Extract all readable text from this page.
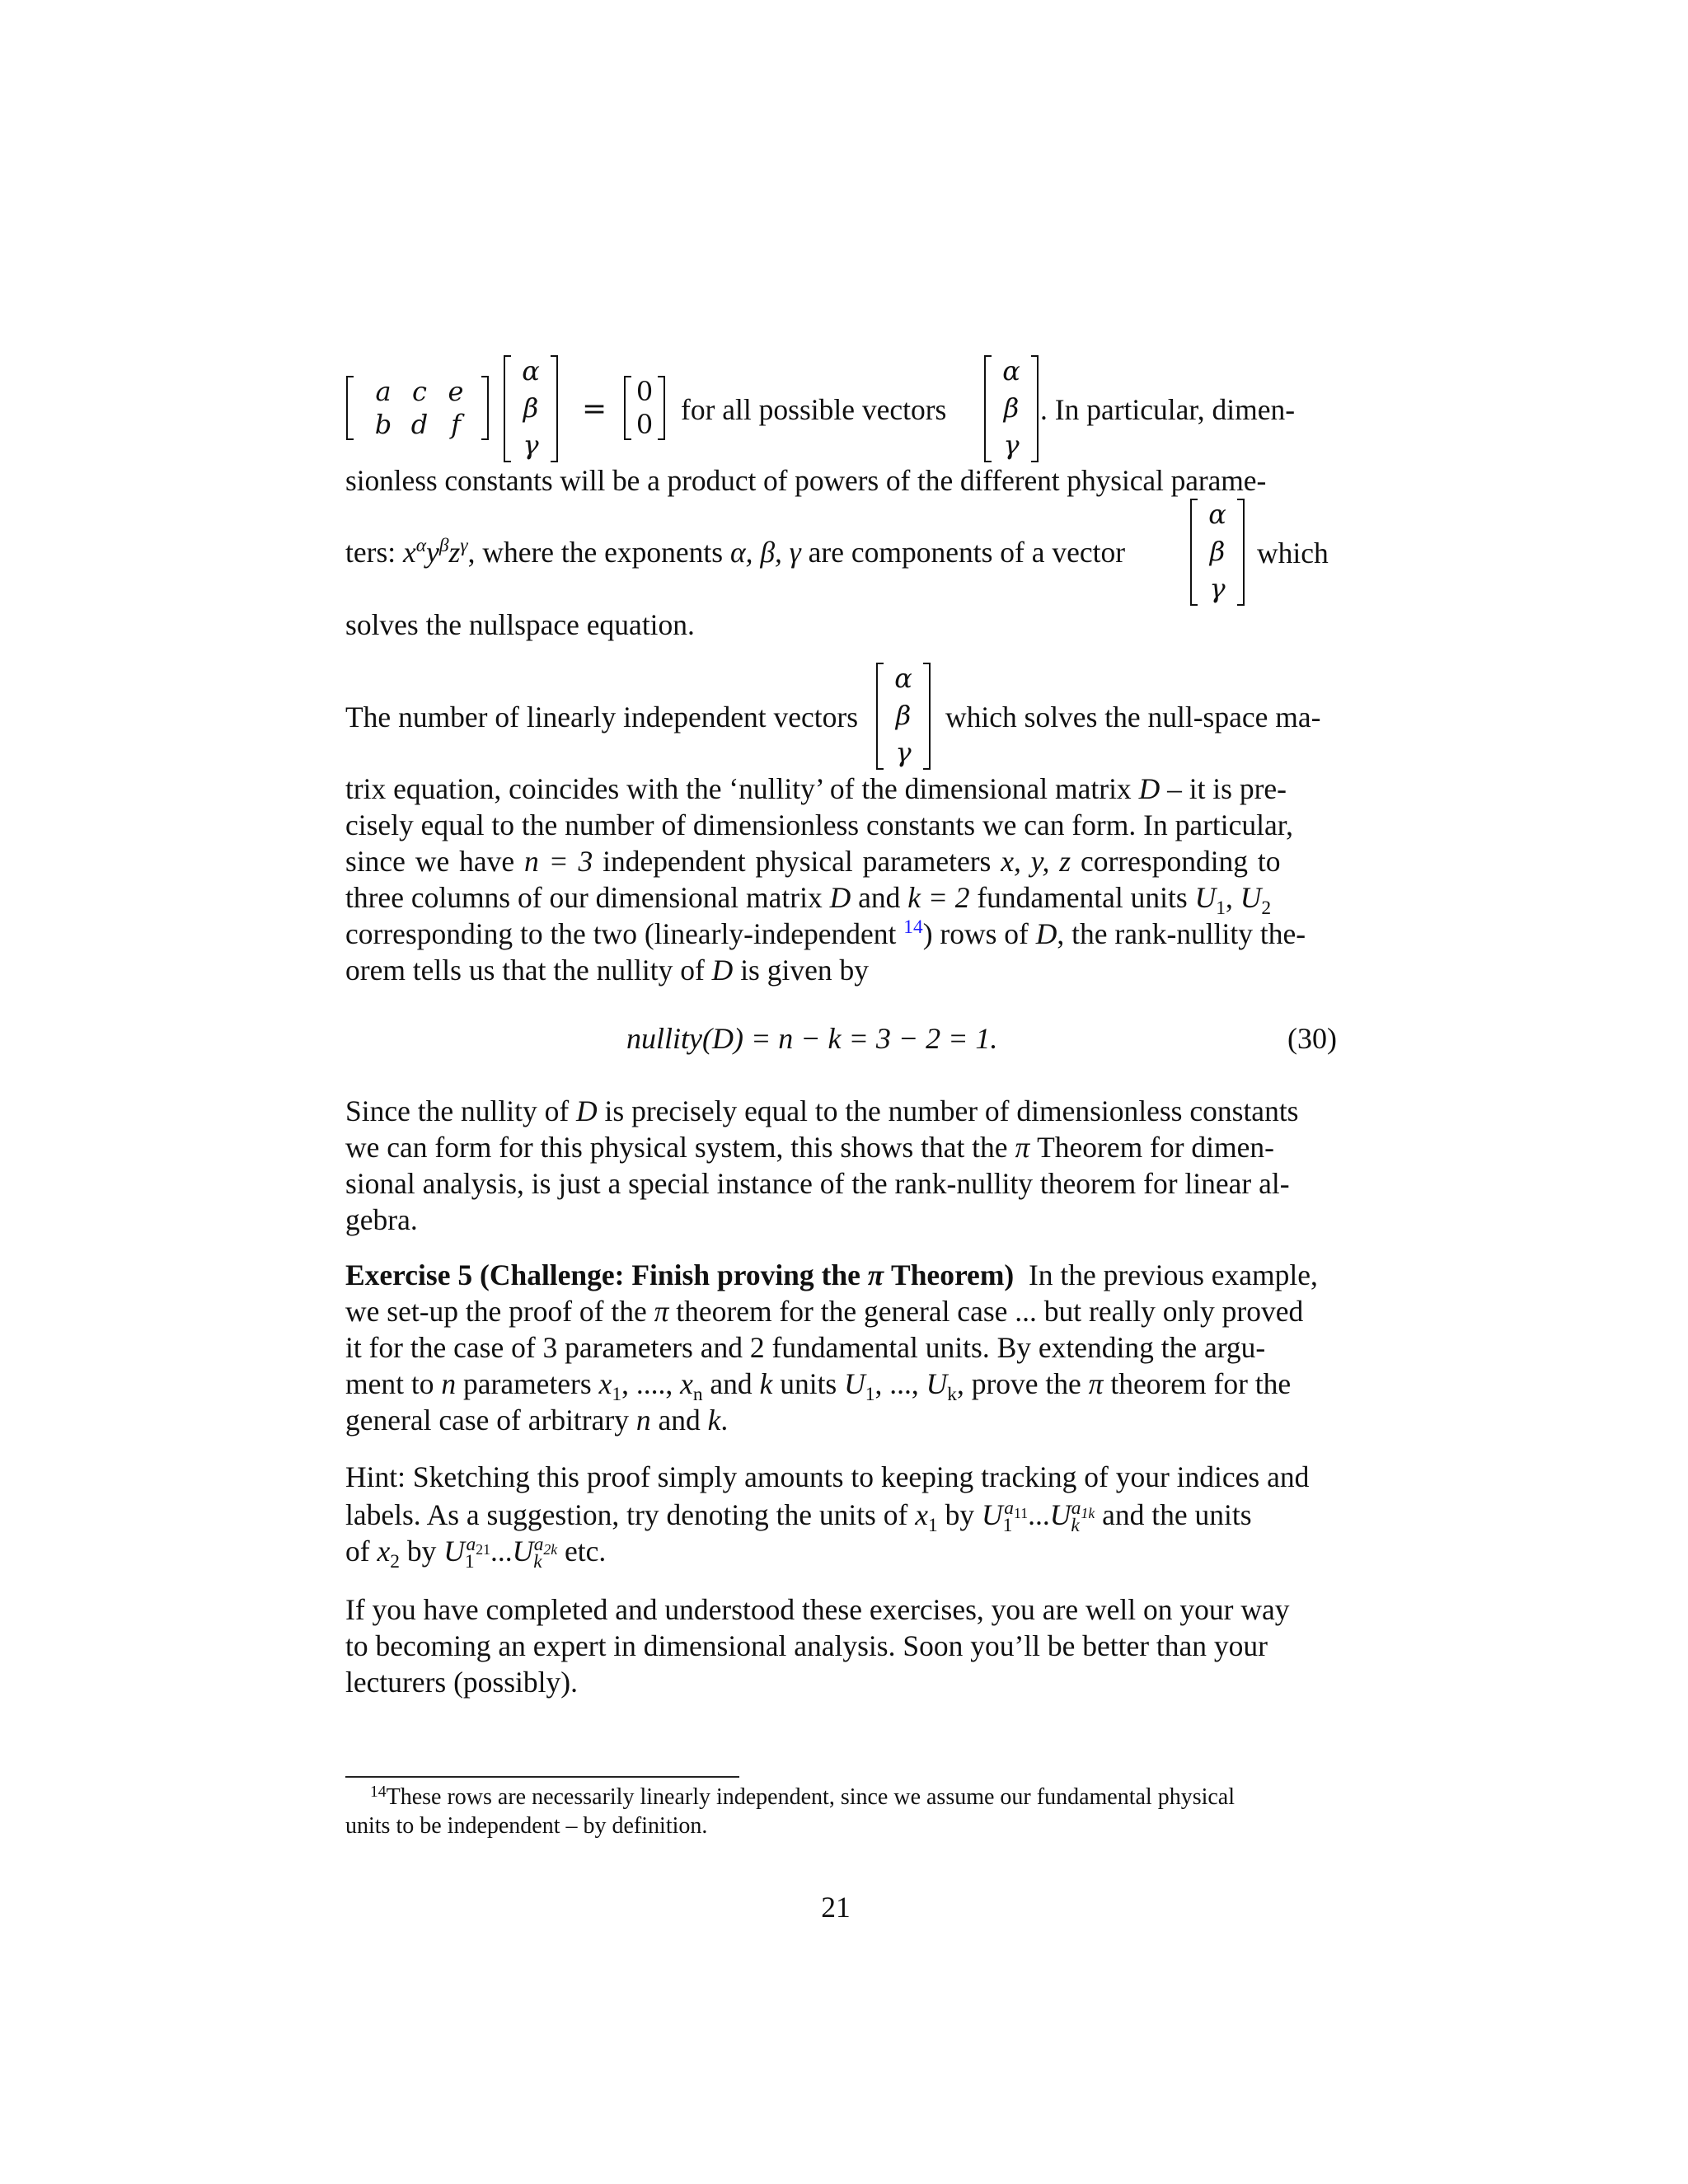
a c e
b d f
α
β
γ
=
0
0 for all possible vectors
α
β
γ
. In particular, dimen-
sionless constants will be a product of powers of the different physical parame-
ters: $x^\alpha y^\beta z^\gamma$, where the exponents α, β, γ are components of a vector
α
β
γ
which
solves the nullspace equation.
The number of linearly independent vectors
α
β
γ
which solves the null-space ma-
trix equation, coincides with the ‘nullity’ of the dimensional matrix D – it is pre-
cisely equal to the number of dimensionless constants we can form. In particular,
since we have n = 3 independent physical parameters x, y, z corresponding to
three columns of our dimensional matrix D and k = 2 fundamental units $U_1$, $U_2$
corresponding to the two (linearly-independent $^{14}$) rows of D, the rank-nullity the-
orem tells us that the nullity of D is given by
nullity(D) = n − k = 3 − 2 = 1.	(30)
Since the nullity of D is precisely equal to the number of dimensionless constants
we can form for this physical system, this shows that the π Theorem for dimen-
sional analysis, is just a special instance of the rank-nullity theorem for linear al-
gebra.
Exercise 5 (Challenge: Finish proving the π Theorem) In the previous example,
we set-up the proof of the π theorem for the general case ... but really only proved
it for the case of 3 parameters and 2 fundamental units. By extending the argu-
ment to n parameters $x_1$, ...., $x_n$ and k units $U_1$, ..., $U_k$, prove the π theorem for the
general case of arbitrary n and k.
Hint: Sketching this proof simply amounts to keeping tracking of your indices and
labels. As a suggestion, try denoting the units of $x_1$ by $U_1^{a11}...U_k^{a1k}$ and the units
of $x_2$ by $U_1^{a21}...U_k^{a2k}$ etc.
If you have completed and understood these exercises, you are well on your way
to becoming an expert in dimensional analysis. Soon you’ll be better than your
lecturers (possibly).
$^{14}$These rows are necessarily linearly independent, since we assume our fundamental physical
units to be independent – by definition.
21
